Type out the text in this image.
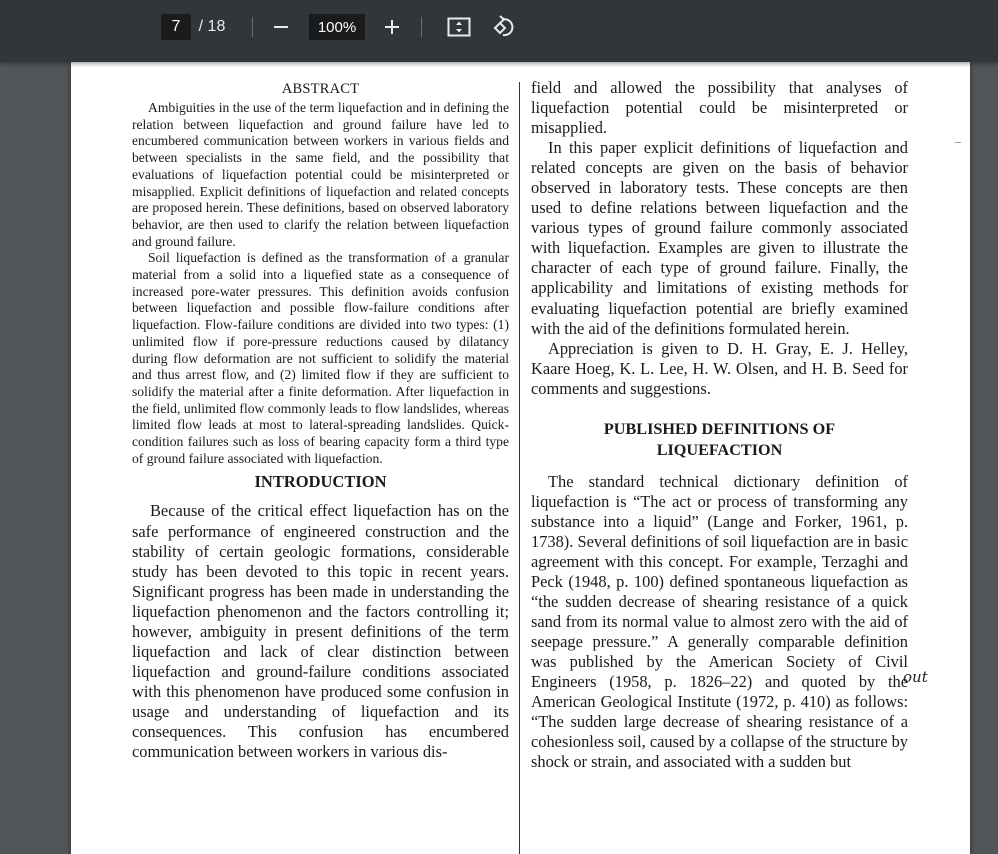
7
/ 18
100%
ABSTRACT

Ambiguities in the use of the term liquefaction and in defining the relation between liquefaction and ground failure have led to encumbered communication between workers in various fields and between specialists in the same field, and the possibility that evaluations of liquefaction potential could be misinterpreted or misapplied. Explicit definitions of liquefaction and related concepts are proposed herein. These definitions, based on observed laboratory behavior, are then used to clarify the relation between liquefaction and ground failure.

Soil liquefaction is defined as the transformation of a granular material from a solid into a liquefied state as a consequence of increased pore-water pressures. This definition avoids confusion between liquefaction and possible flow-failure conditions after liquefaction. Flow-failure conditions are divided into two types: (1) unlimited flow if pore-pressure reductions caused by dilatancy during flow deformation are not sufficient to solidify the material and thus arrest flow, and (2) limited flow if they are sufficient to solidify the material after a finite deformation. After liquefaction in the field, unlimited flow commonly leads to flow landslides, whereas limited flow leads at most to lateral-spreading landslides. Quick-condition failures such as loss of bearing capacity form a third type of ground failure associated with liquefaction.

INTRODUCTION

Because of the critical effect liquefaction has on the safe performance of engineered construction and the stability of certain geologic formations, considerable study has been devoted to this topic in recent years. Significant progress has been made in understanding the liquefaction phenomenon and the factors controlling it; however, ambiguity in present definitions of the term liquefaction and lack of clear distinction between liquefaction and ground-failure conditions associated with this phenomenon have produced some confusion in usage and understanding of liquefaction and its consequences. This confusion has encumbered communication between workers in various dis-

field and allowed the possibility that analyses of liquefaction potential could be misinterpreted or misapplied.

In this paper explicit definitions of liquefaction and related concepts are given on the basis of behavior observed in laboratory tests. These concepts are then used to define relations between liquefaction and the various types of ground failure commonly associated with liquefaction. Examples are given to illustrate the character of each type of ground failure. Finally, the applicability and limitations of existing methods for evaluating liquefaction potential are briefly examined with the aid of the definitions formulated herein.

Appreciation is given to D. H. Gray, E. J. Helley, Kaare Hoeg, K. L. Lee, H. W. Olsen, and H. B. Seed for comments and suggestions.

PUBLISHED DEFINITIONS OF
LIQUEFACTION

The standard technical dictionary definition of liquefaction is “The act or process of transforming any substance into a liquid” (Lange and Forker, 1961, p. 1738). Several definitions of soil liquefaction are in basic agreement with this concept. For example, Terzaghi and Peck (1948, p. 100) defined spontaneous liquefaction as “the sudden decrease of shearing resistance of a quick sand from its normal value to almost zero with the aid of seepage pressure.” A generally comparable definition was published by the American Society of Civil Engineers (1958, p. 1826–22) and quoted by the American Geological Institute (1972, p. 410) as follows: “The sudden large decrease of shearing resistance of a cohesionless soil, caused by a collapse of the structure by shock or strain, and associated with a sudden but

out
